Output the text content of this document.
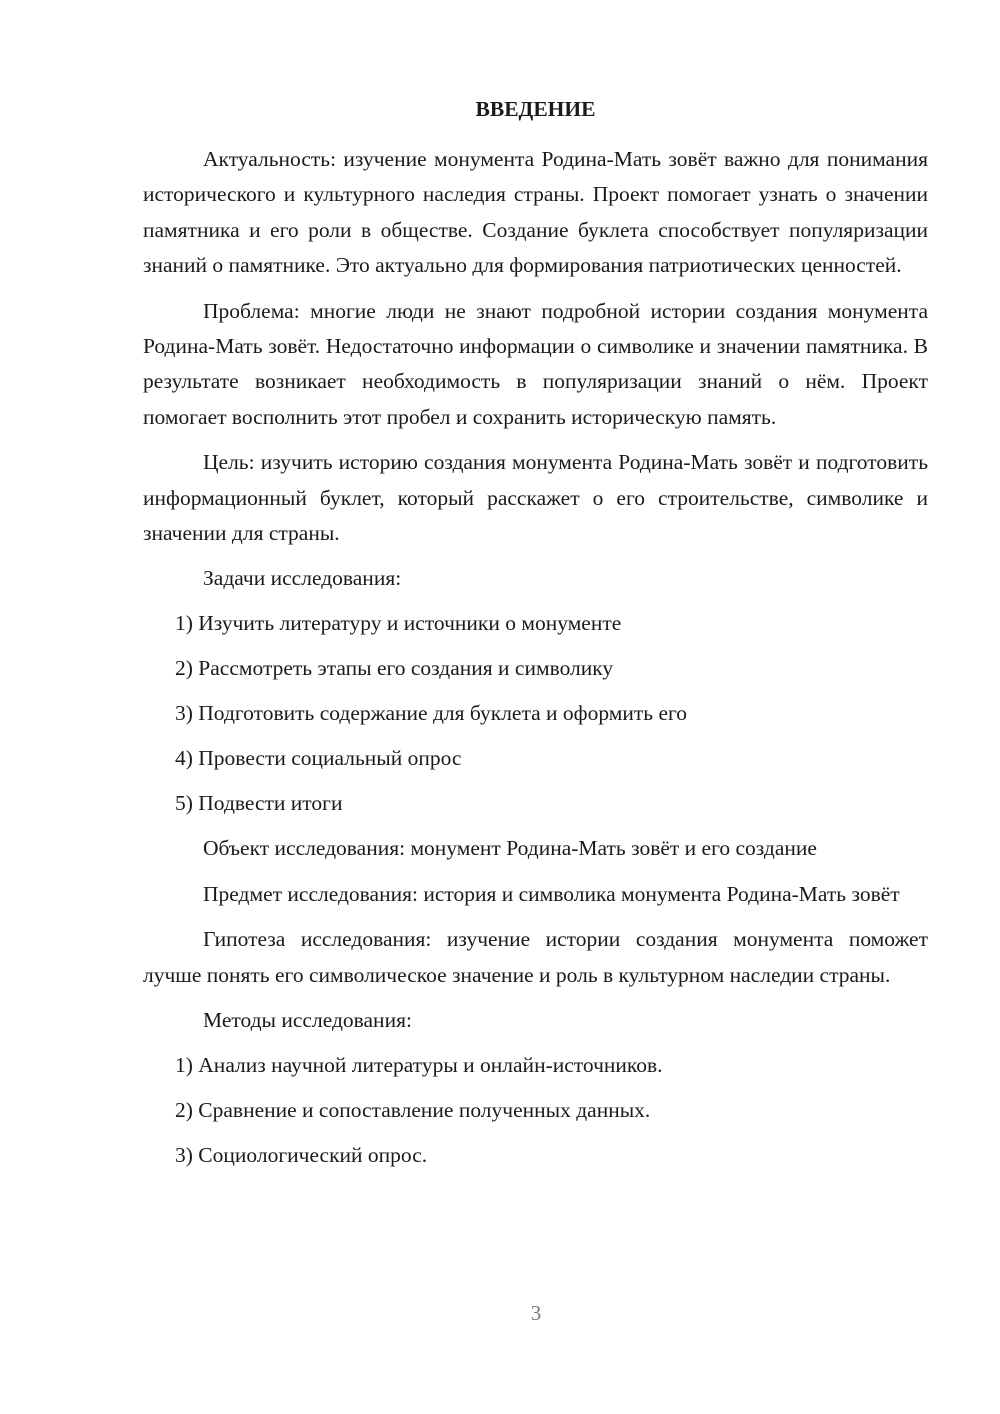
ВВЕДЕНИЕ

Актуальность: изучение монумента Родина-Мать зовёт важно для понимания исторического и культурного наследия страны. Проект помогает узнать о значении памятника и его роли в обществе. Создание буклета способствует популяризации знаний о памятнике. Это актуально для формирования патриотических ценностей.

Проблема: многие люди не знают подробной истории создания монумента Родина-Мать зовёт. Недостаточно информации о символике и значении памятника. В результате возникает необходимость в популяризации знаний о нём. Проект помогает восполнить этот пробел и сохранить историческую память.

Цель: изучить историю создания монумента Родина-Мать зовёт и подготовить информационный буклет, который расскажет о его строительстве, символике и значении для страны.

Задачи исследования:
1) Изучить литературу и источники о монументе
2) Рассмотреть этапы его создания и символику
3) Подготовить содержание для буклета и оформить его
4) Провести социальный опрос
5) Подвести итоги

Объект исследования: монумент Родина-Мать зовёт и его создание

Предмет исследования: история и символика монумента Родина-Мать зовёт

Гипотеза исследования: изучение истории создания монумента поможет лучше понять его символическое значение и роль в культурном наследии страны.

Методы исследования:
1) Анализ научной литературы и онлайн-источников.
2) Сравнение и сопоставление полученных данных.
3) Социологический опрос.
3
